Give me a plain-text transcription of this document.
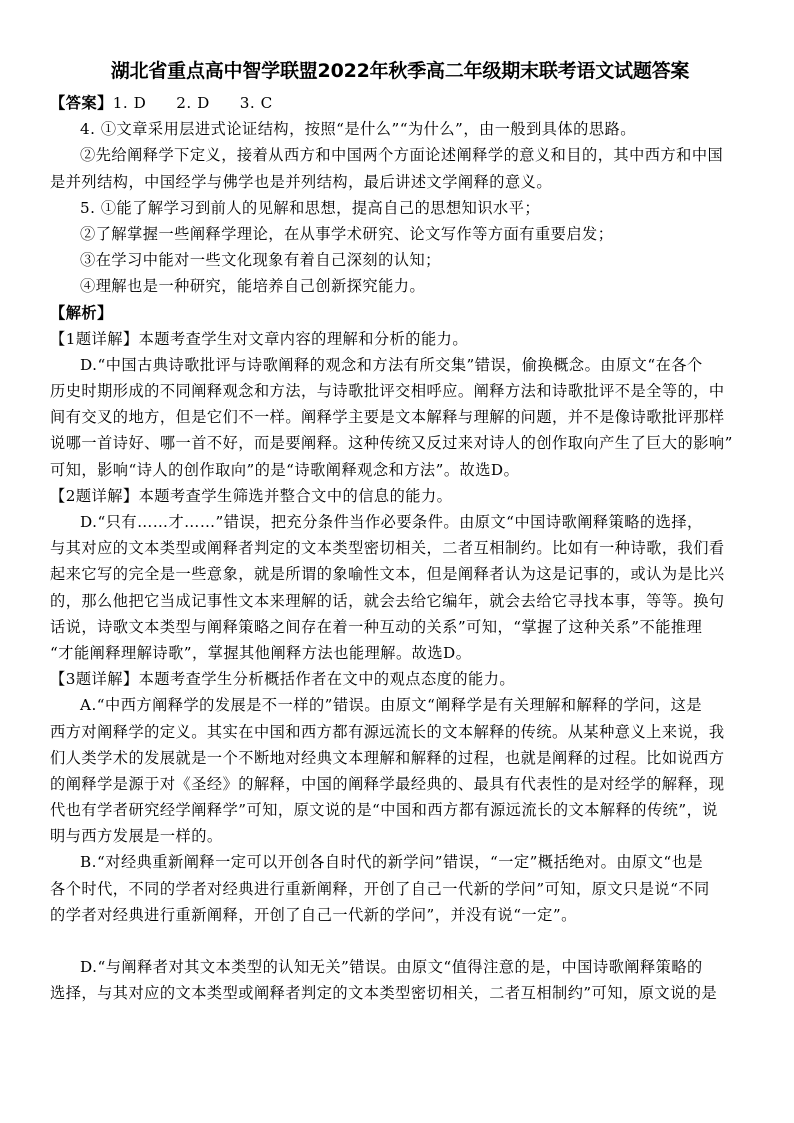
湖北省重点高中智学联盟2022年秋季高二年级期末联考语文试题答案
【答案】1. D 2. D 3. C
4. ①文章采用层进式论证结构，按照“是什么”“为什么”，由一般到具体的思路。
②先给阐释学下定义，接着从西方和中国两个方面论述阐释学的意义和目的，其中西方和中国
是并列结构，中国经学与佛学也是并列结构，最后讲述文学阐释的意义。
5. ①能了解学习到前人的见解和思想，提高自己的思想知识水平；
②了解掌握一些阐释学理论，在从事学术研究、论文写作等方面有重要启发；
③在学习中能对一些文化现象有着自己深刻的认知；
④理解也是一种研究，能培养自己创新探究能力。
【解析】
【1题详解】本题考查学生对文章内容的理解和分析的能力。
D.“中国古典诗歌批评与诗歌阐释的观念和方法有所交集”错误，偷换概念。由原文“在各个
历史时期形成的不同阐释观念和方法，与诗歌批评交相呼应。阐释方法和诗歌批评不是全等的，中
间有交叉的地方，但是它们不一样。阐释学主要是文本解释与理解的问题，并不是像诗歌批评那样
说哪一首诗好、哪一首不好，而是要阐释。这种传统又反过来对诗人的创作取向产生了巨大的影响”
可知，影响“诗人的创作取向”的是“诗歌阐释观念和方法”。故选D。
【2题详解】本题考查学生筛选并整合文中的信息的能力。
D.“只有……才……”错误，把充分条件当作必要条件。由原文“中国诗歌阐释策略的选择，
与其对应的文本类型或阐释者判定的文本类型密切相关，二者互相制约。比如有一种诗歌，我们看
起来它写的完全是一些意象，就是所谓的象喻性文本，但是阐释者认为这是记事的，或认为是比兴
的，那么他把它当成记事性文本来理解的话，就会去给它编年，就会去给它寻找本事，等等。换句
话说，诗歌文本类型与阐释策略之间存在着一种互动的关系”可知，“掌握了这种关系”不能推理
“才能阐释理解诗歌”，掌握其他阐释方法也能理解。故选D。
【3题详解】本题考查学生分析概括作者在文中的观点态度的能力。
A.“中西方阐释学的发展是不一样的”错误。由原文“阐释学是有关理解和解释的学问，这是
西方对阐释学的定义。其实在中国和西方都有源远流长的文本解释的传统。从某种意义上来说，我
们人类学术的发展就是一个不断地对经典文本理解和解释的过程，也就是阐释的过程。比如说西方
的阐释学是源于对《圣经》的解释，中国的阐释学最经典的、最具有代表性的是对经学的解释，现
代也有学者研究经学阐释学”可知，原文说的是“中国和西方都有源远流长的文本解释的传统”，说
明与西方发展是一样的。
B.“对经典重新阐释一定可以开创各自时代的新学问”错误，“一定”概括绝对。由原文“也是
各个时代，不同的学者对经典进行重新阐释，开创了自己一代新的学问”可知，原文只是说“不同
的学者对经典进行重新阐释，开创了自己一代新的学问”，并没有说“一定”。
D.“与阐释者对其文本类型的认知无关”错误。由原文“值得注意的是，中国诗歌阐释策略的
选择，与其对应的文本类型或阐释者判定的文本类型密切相关，二者互相制约”可知，原文说的是
